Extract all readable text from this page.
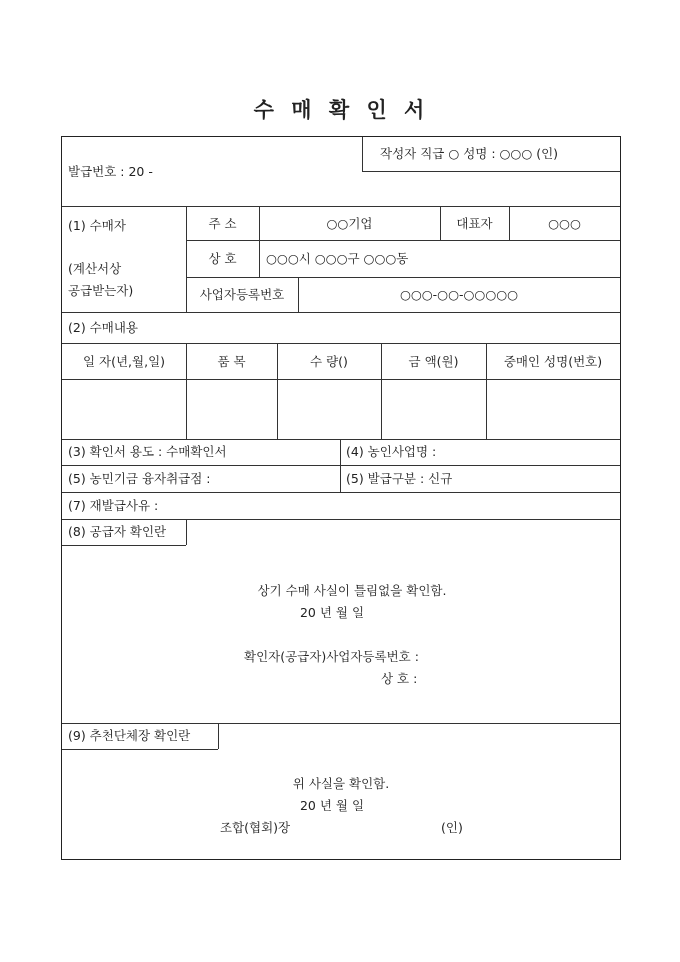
수 매 확 인 서
작성자 직급 ○ 성명 : ○○○ (인)
발급번호 : 20 -
(1) 수매자
(계산서상
공급받는자)
주 소	○○기업	대표자	○○○
상 호	○○○시 ○○○구 ○○○동
사업자등록번호	○○○-○○-○○○○○
(2) 수매내용
일 자(년,월,일)	품 목	수 량()	금 액(원)	중매인 성명(번호)
(3) 확인서 용도 : 수매확인서	(4) 농인사업명 :
(5) 농민기금 융자취급점 :	(5) 발급구분 : 신규
(7) 재발급사유 :
(8) 공급자 확인란
상기 수매 사실이 틀림없을 확인함.
20 년 월 일
확인자(공급자)사업자등록번호 :
상 호 :
(9) 추천단체장 확인란
위 사실을 확인함.
20 년 월 일
조합(협회)장	(인)
